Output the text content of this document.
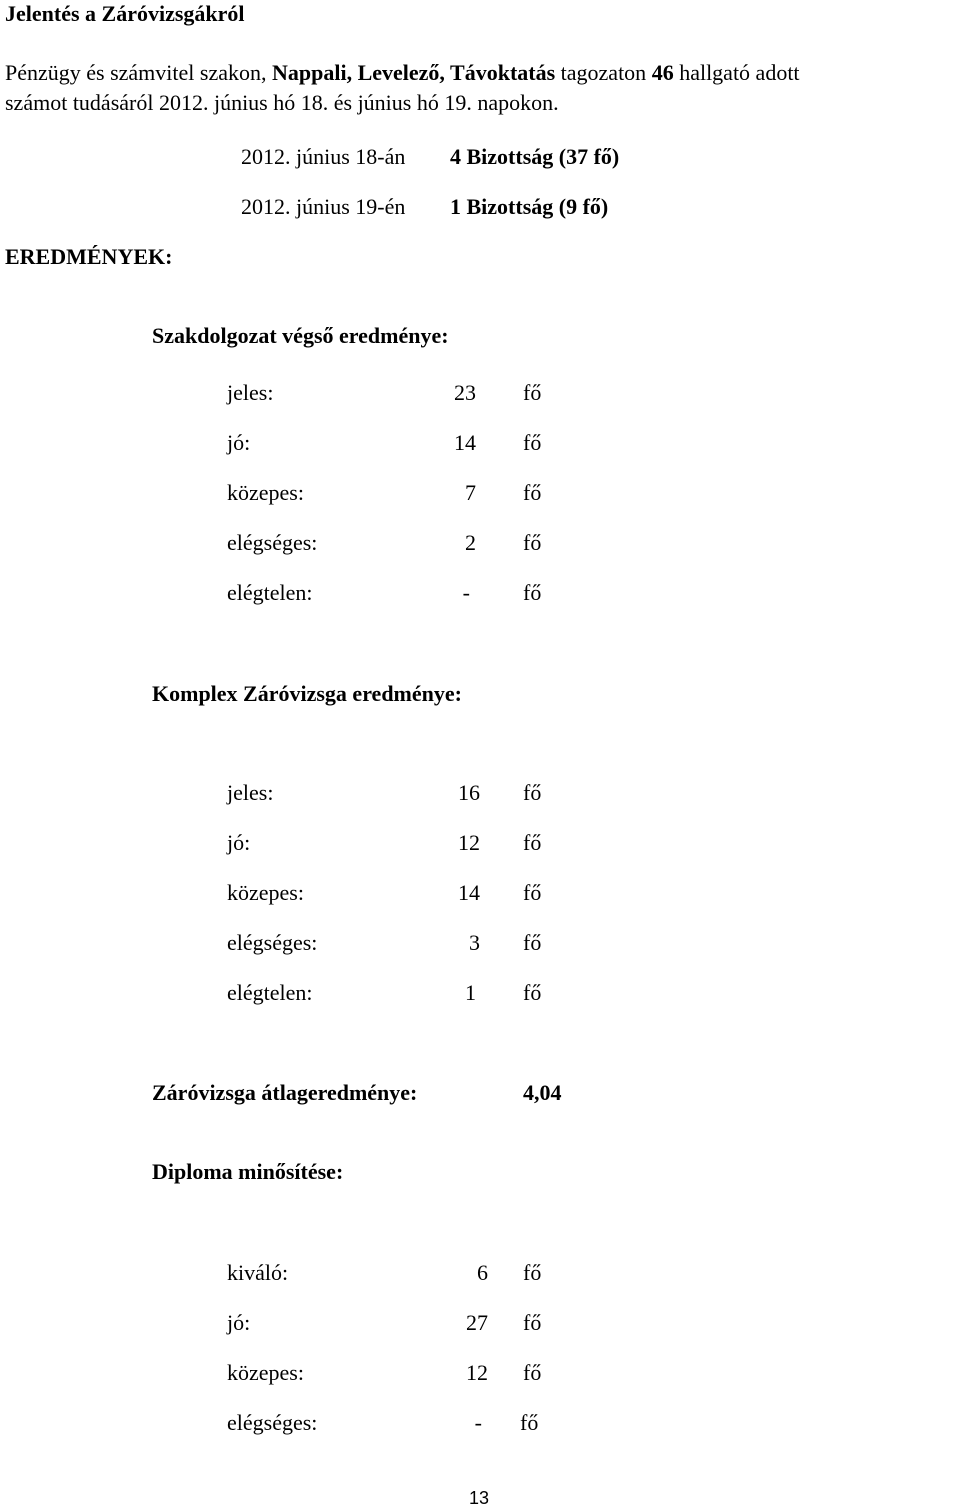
Jelentés a Záróvizsgákról
Pénzügy és számvitel szakon, Nappali, Levelező, Távoktatás tagozaton 46 hallgató adott
számot tudásáról 2012. június hó 18. és június hó 19. napokon.
2012. június 18-án 4 Bizottság (37 fő)
2012. június 19-én 1 Bizottság (9 fő)
EREDMÉNYEK:
Szakdolgozat végső eredménye:
jeles:	23 fő
jó:	14 fő
közepes:	7 fő
elégséges:	2 fő
elégtelen:	- fő
Komplex Záróvizsga eredménye:
jeles:	16 fő
jó:	12 fő
közepes:	14 fő
elégséges:	3 fő
elégtelen:	1 fő
Záróvizsga átlageredménye:	4,04
Diploma minősítése:
kiváló:	6 fő
jó:	27 fő
közepes:	12 fő
elégséges:	- fő
13
